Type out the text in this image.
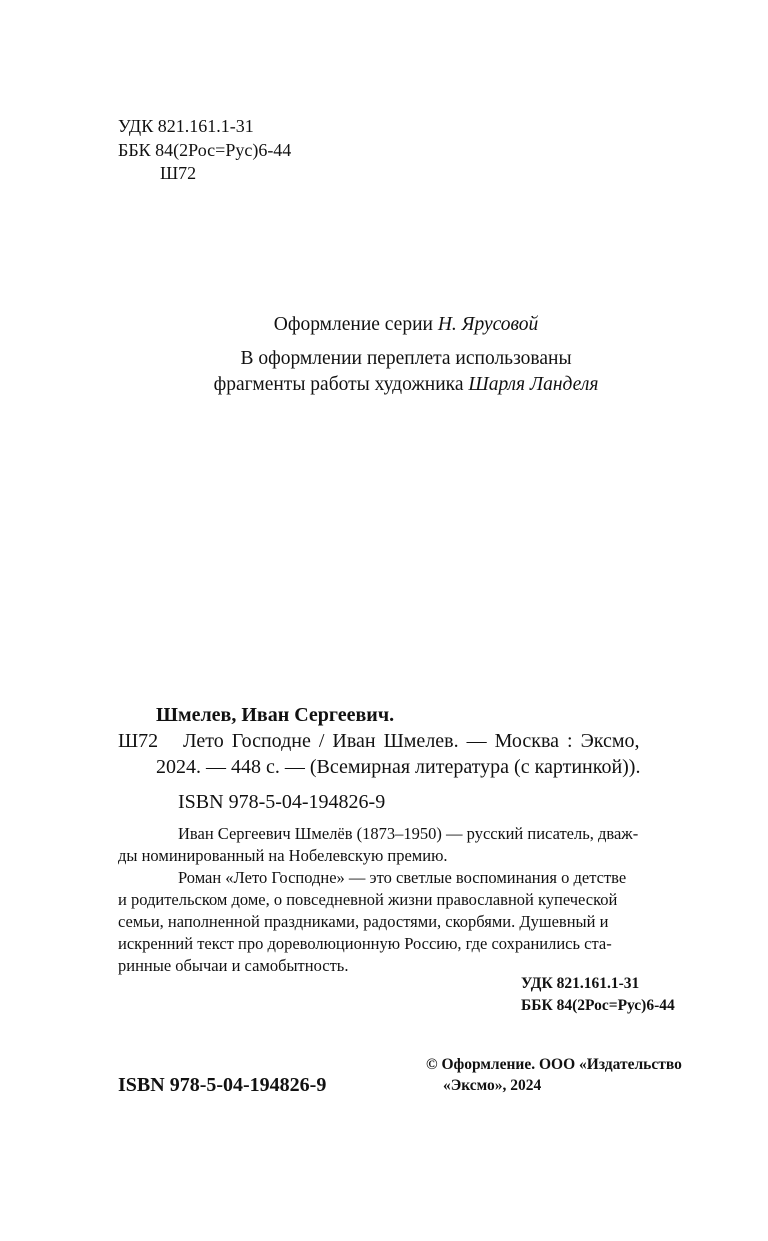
УДК 821.161.1-31
ББК 84(2Рос=Рус)6-44
Ш72
Оформление серии Н. Ярусовой
В оформлении переплета использованы
фрагменты работы художника Шарля Ланделя
Шмелев, Иван Сергеевич.
Ш72 Лето Господне / Иван Шмелев. — Москва : Эксмо,
2024. — 448 с. — (Всемирная литература (с картинкой)).
ISBN 978-5-04-194826-9

Иван Сергеевич Шмелёв (1873–1950) — русский писатель, дваж-

ды номинированный на Нобелевскую премию.

Роман «Лето Господне» — это светлые воспоминания о детстве

и родительском доме, о повседневной жизни православной купеческой

семьи, наполненной праздниками, радостями, скорбями. Душевный и

искренний текст про дореволюционную Россию, где сохранились ста-

ринные обычаи и самобытность.

УДК 821.161.1-31
ББК 84(2Рос=Рус)6-44
ISBN 978-5-04-194826-9
© Оформление. ООО «Издательство
«Эксмо», 2024
